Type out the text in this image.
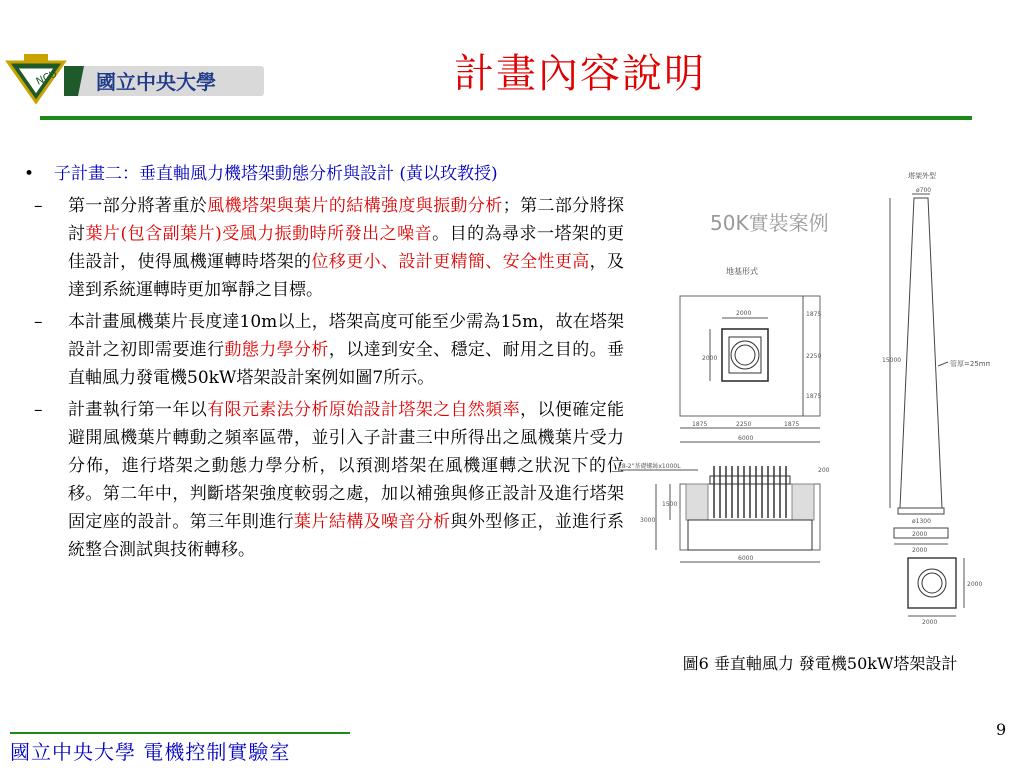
NCU 國立中央大學	計畫內容說明
• 子計畫二：垂直軸風力機塔架動態分析與設計 (黃以玫教授)
– 第一部分將著重於風機塔架與葉片的結構強度與振動分析；第二部分將探討葉片(包含副葉片)受風力振動時所發出之噪音。目的為尋求一塔架的更佳設計，使得風機運轉時塔架的位移更小、設計更精簡、安全性更高，及達到系統運轉時更加寧靜之目標。
– 本計畫風機葉片長度達10m以上，塔架高度可能至少需為15m，故在塔架設計之初即需要進行動態力學分析，以達到安全、穩定、耐用之目的。垂直軸風力發電機50kW塔架設計案例如圖7所示。
– 計畫執行第一年以有限元素法分析原始設計塔架之自然頻率，以便確定能避開風機葉片轉動之頻率區帶，並引入子計畫三中所得出之風機葉片受力分佈，進行塔架之動態力學分析，以預測塔架在風機運轉之狀況下的位移。第二年中，判斷塔架強度較弱之處，加以補強與修正設計及進行塔架固定座的設計。第三年則進行葉片結構及噪音分析與外型修正，並進行系統整合測試與技術轉移。
50K實裝案例
地基形式
2000
2000
1875
2250
1875
1875	2250	1875
6000
28-2"基礎螺絲x1000L
3000
1500
200
6000
塔架外型
ø700
15000	管厚=25mm
ø1300
2000
2000
2000
2000
圖6 垂直軸風力 發電機50kW塔架設計
9
國立中央大學 電機控制實驗室
